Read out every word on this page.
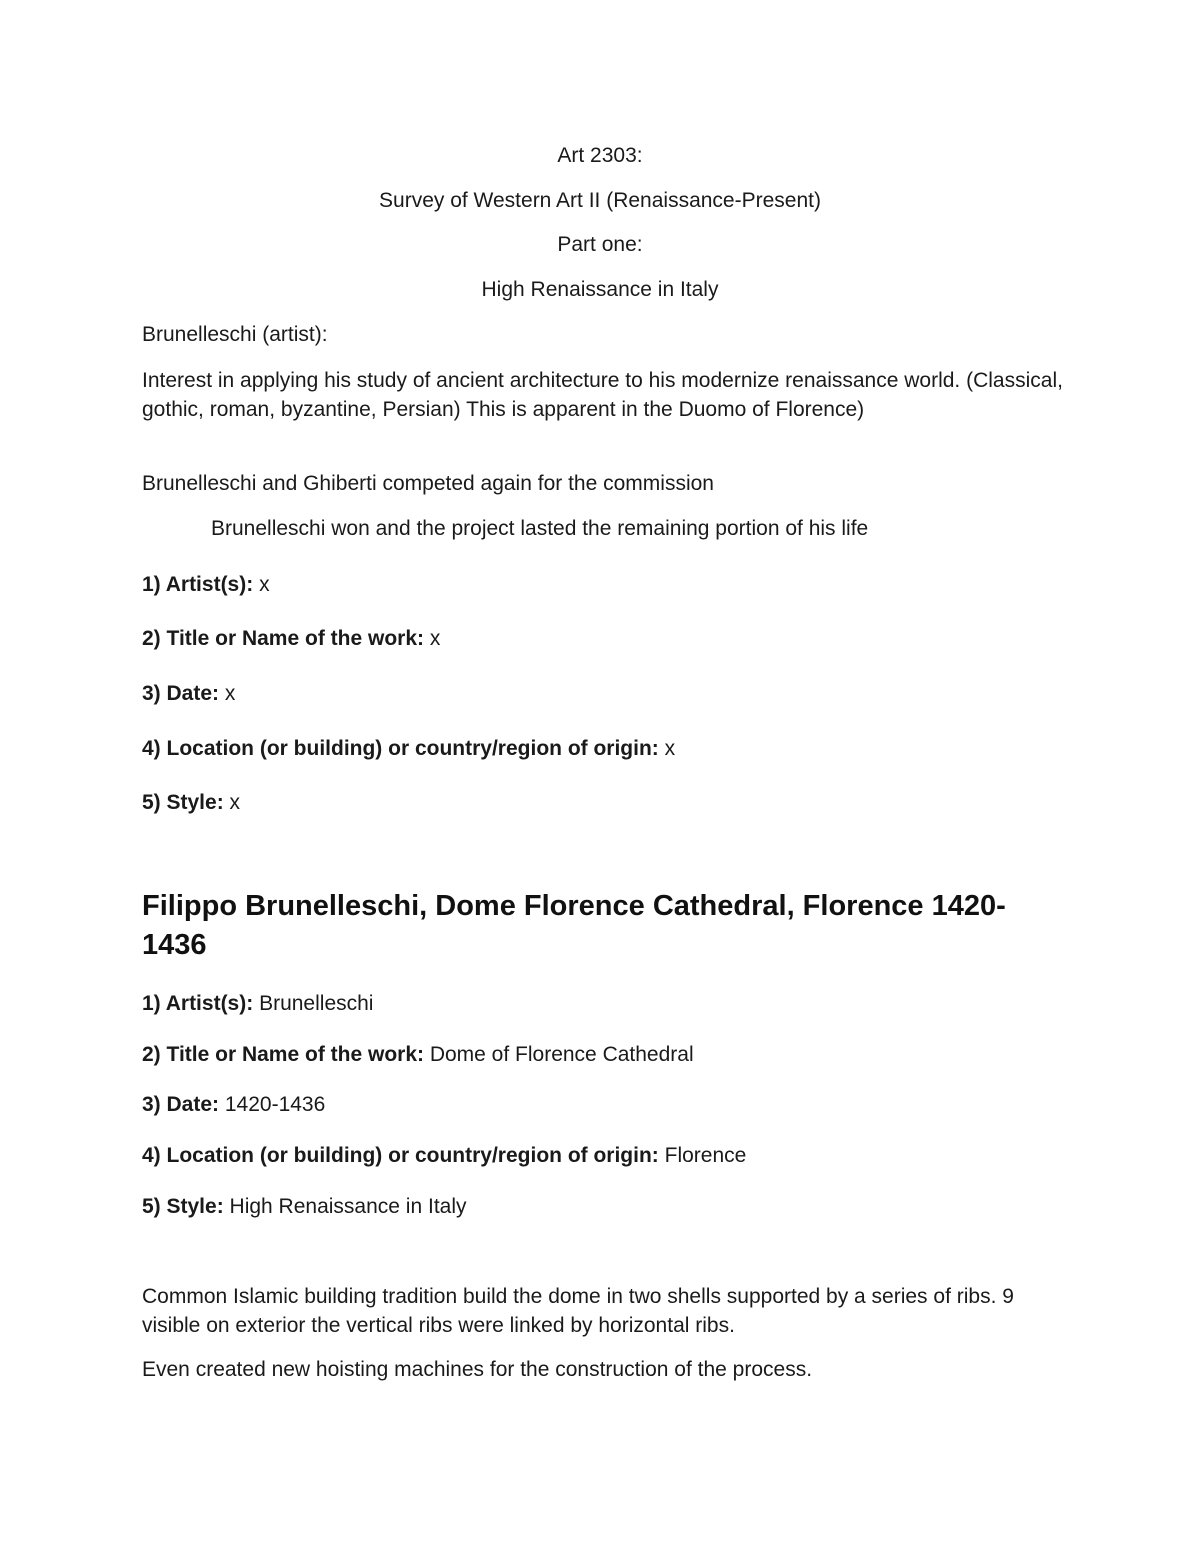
Art 2303:

Survey of Western Art II (Renaissance-Present)

Part one:

High Renaissance in Italy

Brunelleschi (artist):

Interest in applying his study of ancient architecture to his modernize renaissance world. (Classical, gothic, roman, byzantine, Persian) This is apparent in the Duomo of Florence)

Brunelleschi and Ghiberti competed again for the commission

Brunelleschi won and the project lasted the remaining portion of his life

1) Artist(s): x

2) Title or Name of the work: x

3) Date: x

4) Location (or building) or country/region of origin: x

5) Style: x

Filippo Brunelleschi, Dome Florence Cathedral, Florence 1420-1436

1) Artist(s): Brunelleschi

2) Title or Name of the work: Dome of Florence Cathedral

3) Date: 1420-1436

4) Location (or building) or country/region of origin: Florence

5) Style: High Renaissance in Italy

Common Islamic building tradition build the dome in two shells supported by a series of ribs. 9 visible on exterior the vertical ribs were linked by horizontal ribs.

Even created new hoisting machines for the construction of the process.
